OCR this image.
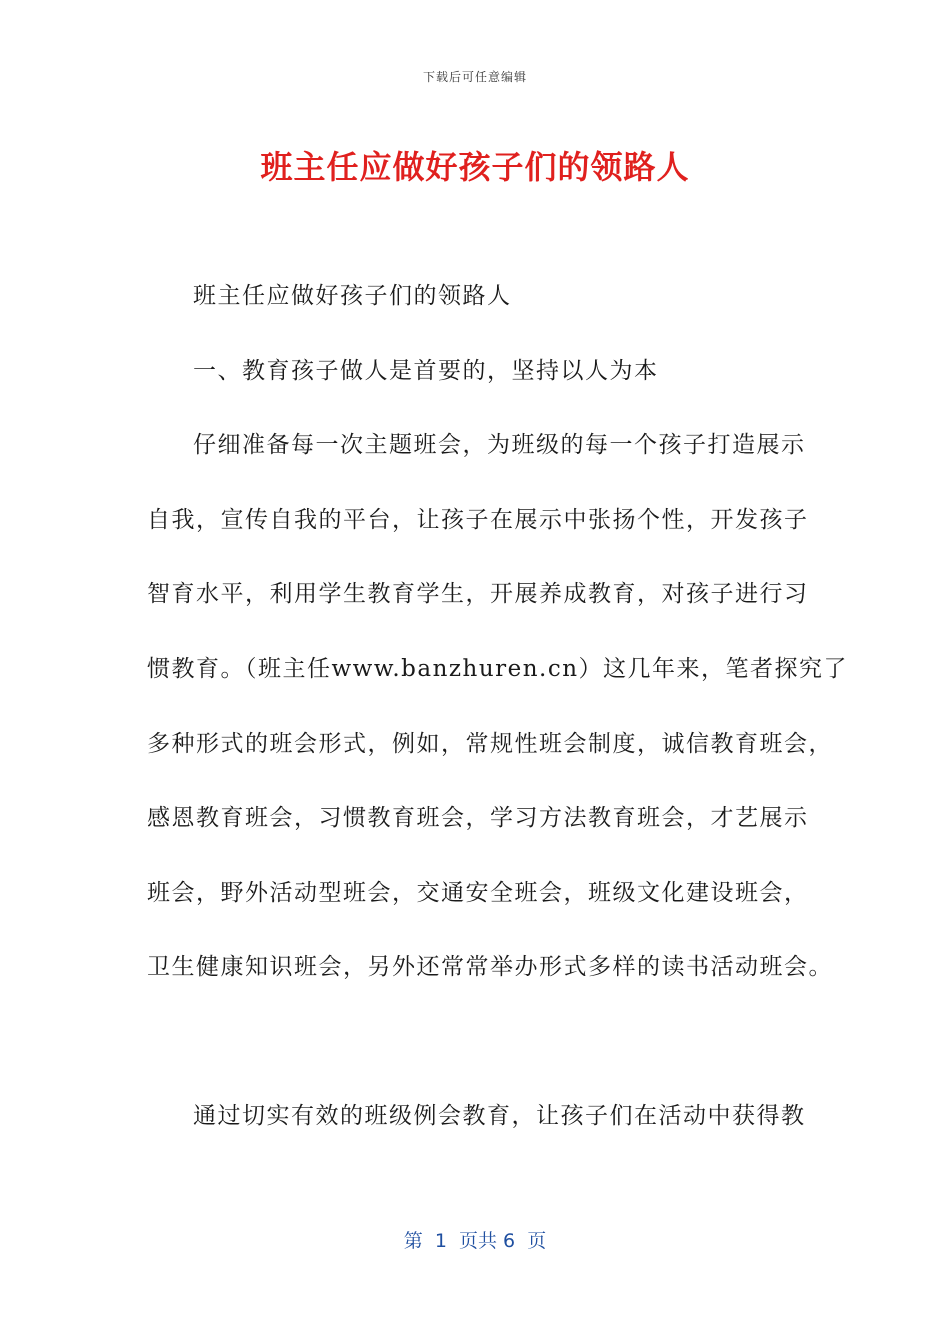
下载后可任意编辑
班主任应做好孩子们的领路人
班主任应做好孩子们的领路人
一、教育孩子做人是首要的，坚持以人为本
仔细准备每一次主题班会，为班级的每一个孩子打造展示
自我，宣传自我的平台，让孩子在展示中张扬个性，开发孩子
智育水平，利用学生教育学生，开展养成教育，对孩子进行习
惯教育。（班主任www.banzhuren.cn）这几年来，笔者探究了
多种形式的班会形式，例如，常规性班会制度，诚信教育班会，
感恩教育班会，习惯教育班会，学习方法教育班会，才艺展示
班会，野外活动型班会，交通安全班会，班级文化建设班会，
卫生健康知识班会，另外还常常举办形式多样的读书活动班会。
通过切实有效的班级例会教育，让孩子们在活动中获得教
第  1  页共 6  页
